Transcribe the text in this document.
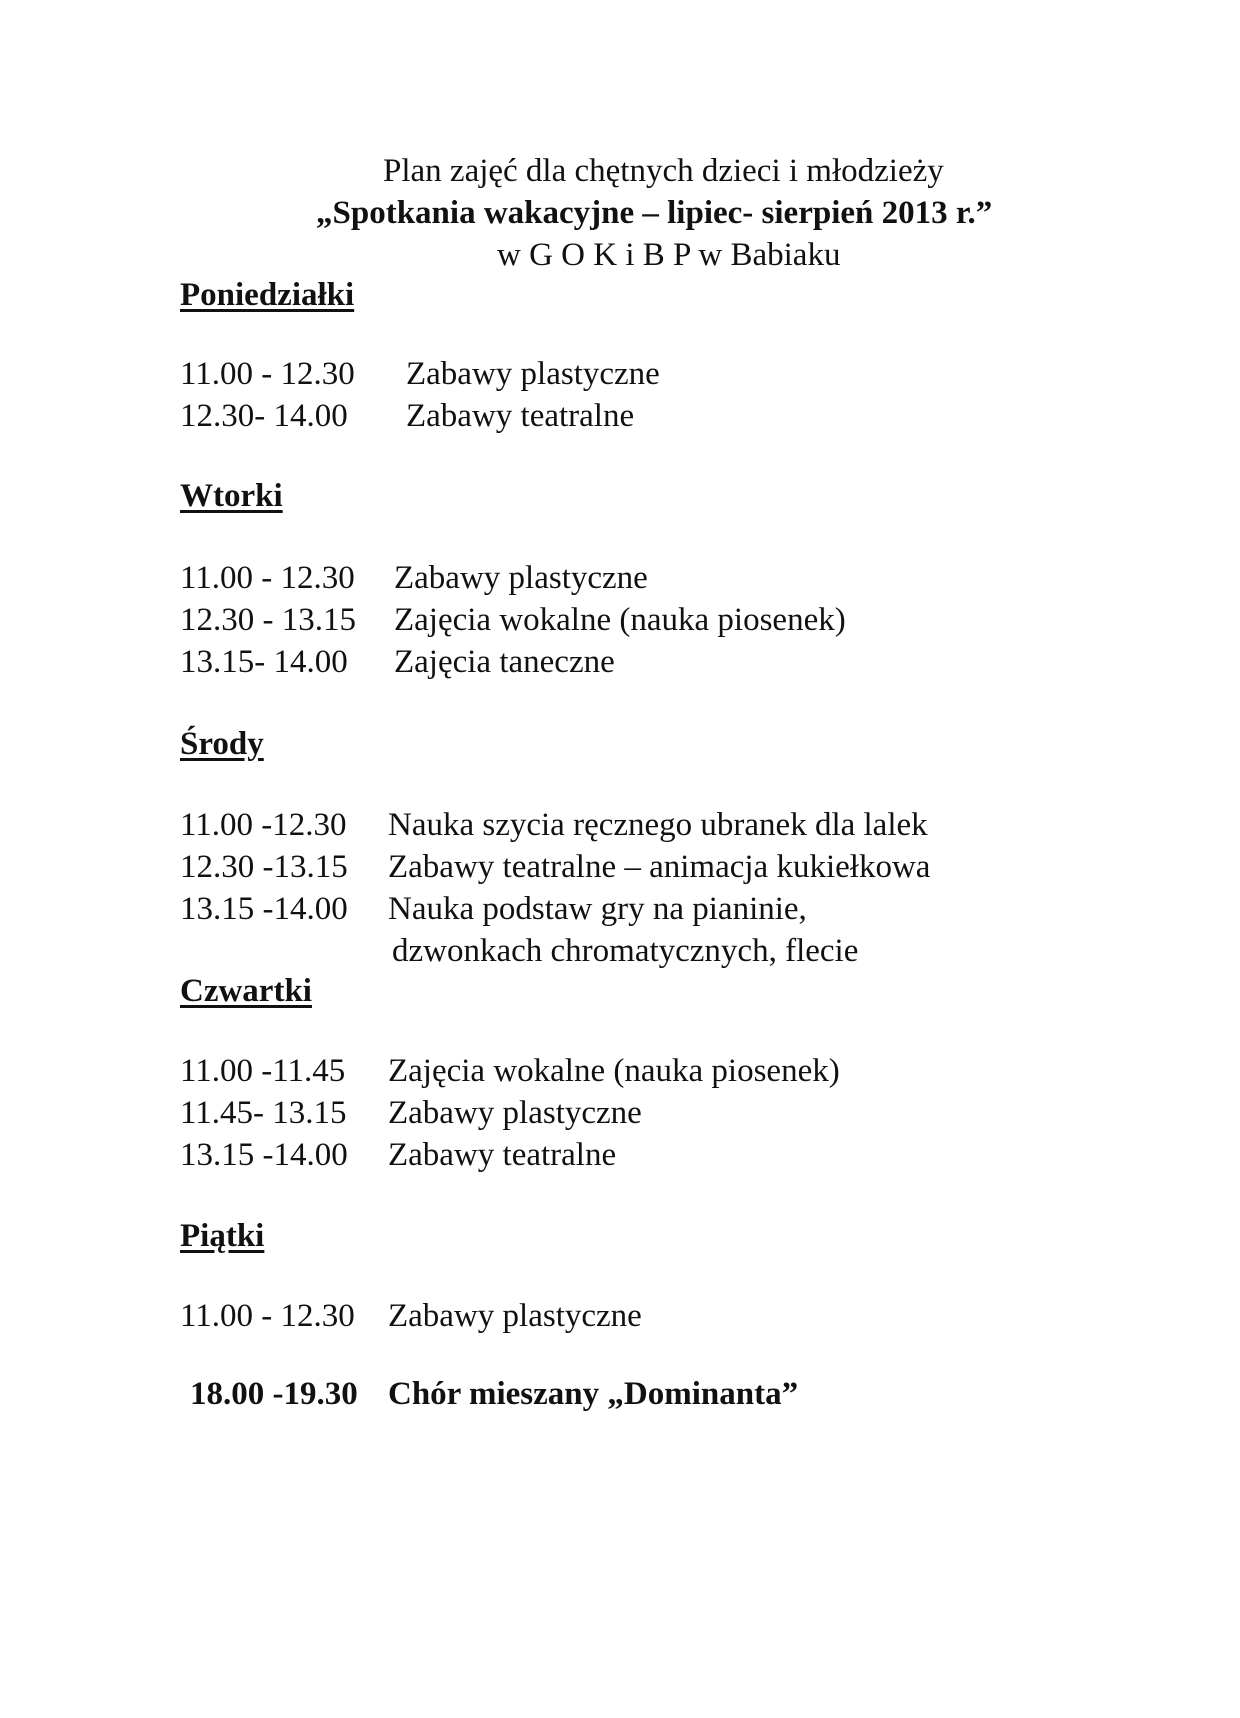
Plan zajęć dla chętnych dzieci i młodzieży
„Spotkania wakacyjne – lipiec- sierpień 2013 r.”
w G O K i B P w Babiaku
Poniedziałki
11.00 - 12.30 Zabawy plastyczne
12.30- 14.00 Zabawy teatralne
Wtorki
11.00 - 12.30 Zabawy plastyczne
12.30 - 13.15 Zajęcia wokalne (nauka piosenek)
13.15- 14.00 Zajęcia taneczne
Środy
11.00 -12.30 Nauka szycia ręcznego ubranek dla lalek
12.30 -13.15 Zabawy teatralne – animacja kukiełkowa
13.15 -14.00 Nauka podstaw gry na pianinie,
dzwonkach chromatycznych, flecie
Czwartki
11.00 -11.45 Zajęcia wokalne (nauka piosenek)
11.45- 13.15 Zabawy plastyczne
13.15 -14.00 Zabawy teatralne
Piątki
11.00 - 12.30 Zabawy plastyczne
18.00 -19.30 Chór mieszany „Dominanta”
